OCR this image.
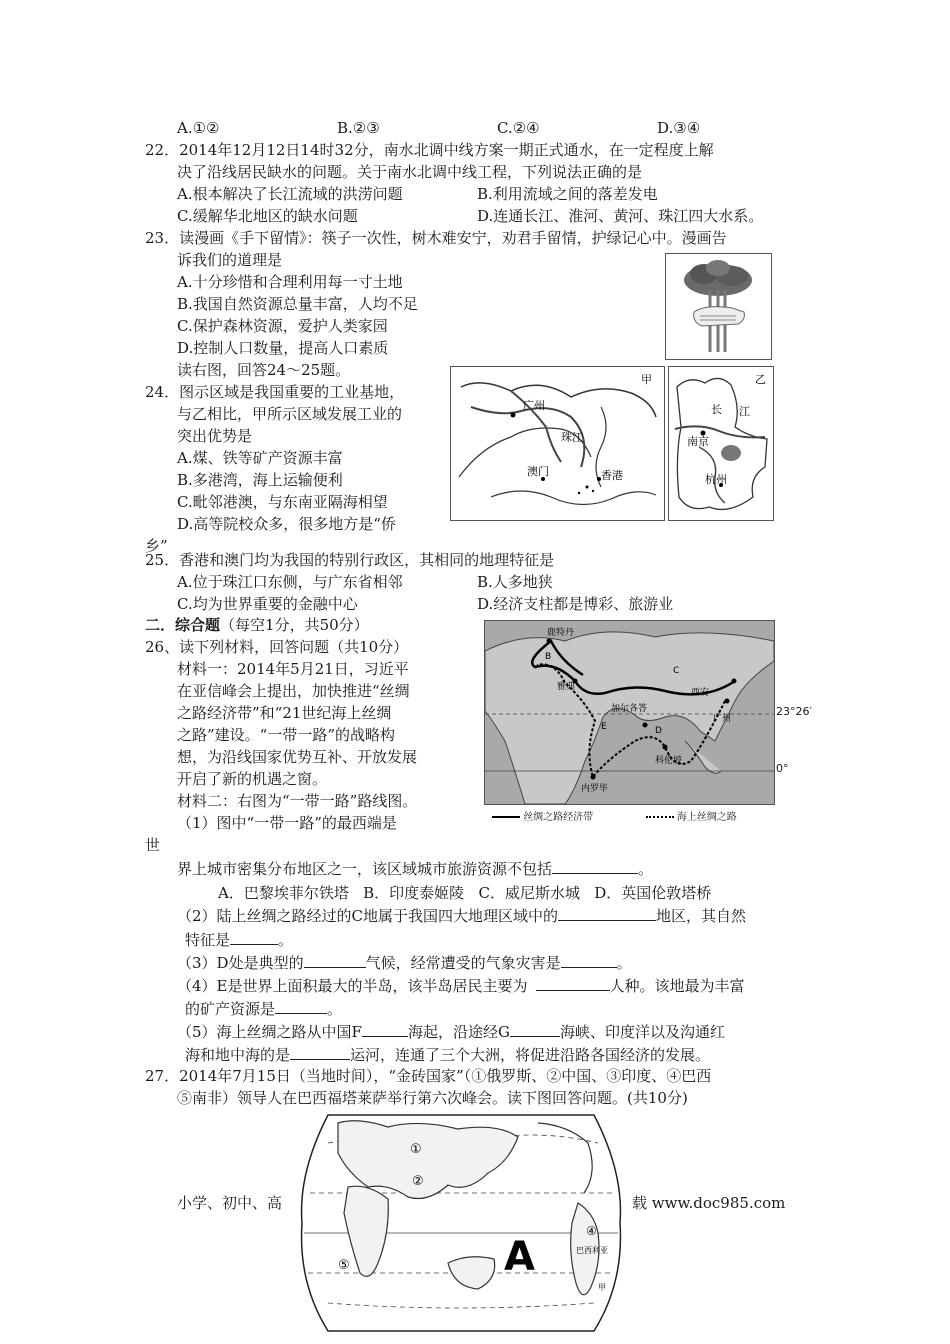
A.①②	B.②③	C.②④	D.③④
22．2014年12月12日14时32分，南水北调中线方案一期正式通水，在一定程度上解
决了沿线居民缺水的问题。关于南水北调中线工程，下列说法正确的是
A.根本解决了长江流域的洪涝问题	B.利用流域之间的落差发电
C.缓解华北地区的缺水问题	D.连通长江、淮河、黄河、珠江四大水系。
23．读漫画《手下留情》：筷子一次性，树木难安宁，劝君手留情，护绿记心中。漫画告
诉我们的道理是
A.十分珍惜和合理利用每一寸土地
B.我国自然资源总量丰富，人均不足
C.保护森林资源，爱护人类家园
D.控制人口数量，提高人口素质
读右图，回答24～25题。
24．图示区域是我国重要的工业基地，
与乙相比，甲所示区域发展工业的
突出优势是
A.煤、铁等矿产资源丰富
B.多港湾，海上运输便利
C.毗邻港澳，与东南亚隔海相望
D.高等院校众多，很多地方是“侨
乡”
甲
广州
珠江
澳门	香港
乙
长 江
南京
杭州
25．香港和澳门均为我国的特别行政区，其相同的地理特征是
A.位于珠江口东侧，与广东省相邻	B.人多地狭
C.均为世界重要的金融中心	D.经济支柱都是博彩、旅游业
二．综合题（每空1分，共50分）
26、读下列材料，回答问题（共10分）
材料一：2014年5月21日，习近平
在亚信峰会上提出，加快推进“丝绸
之路经济带”和“21世纪海上丝绸
之路”建设。“一带一路”的战略构
想，为沿线国家优势互补、开放发展
开启了新的机遇之窗。
材料二：右图为“一带一路”路线图。
（1）图中“一带一路”的最西端是
世
界上城市密集分布地区之一，该区域城市旅游资源不包括	。
A．巴黎埃菲尔铁塔   B．印度泰姬陵   C．威尼斯水城   D．英国伦敦塔桥
（2）陆上丝绸之路经过的C地属于我国四大地理区域中的	地区，其自然
特征是	。
（3）D处是典型的	气候，经常遭受的气象灾害是	。
（4）E是世界上面积最大的半岛，该半岛居民主要为	人种。该地最为丰富
的矿产资源是	。
（5）海上丝绸之路从中国F	海起，沿途经G	海峡、印度洋以及沟通红
海和地中海的是	运河，连通了三个大洲，将促进沿路各国经济的发展。
鹿特丹
B
雅典
C
西安
加尔各答
E
广州
D
科伦坡
内罗毕
23°26′
0°
丝绸之路经济带	海上丝绸之路
27．2014年7月15日（当地时间），“金砖国家”（①俄罗斯、②中国、③印度、④巴西
⑤南非）领导人在巴西福塔莱萨举行第六次峰会。读下图回答问题。(共10分)
①
②
④
⑤	A	巴西利亚
甲
小学、初中、高	载 www.doc985.com
